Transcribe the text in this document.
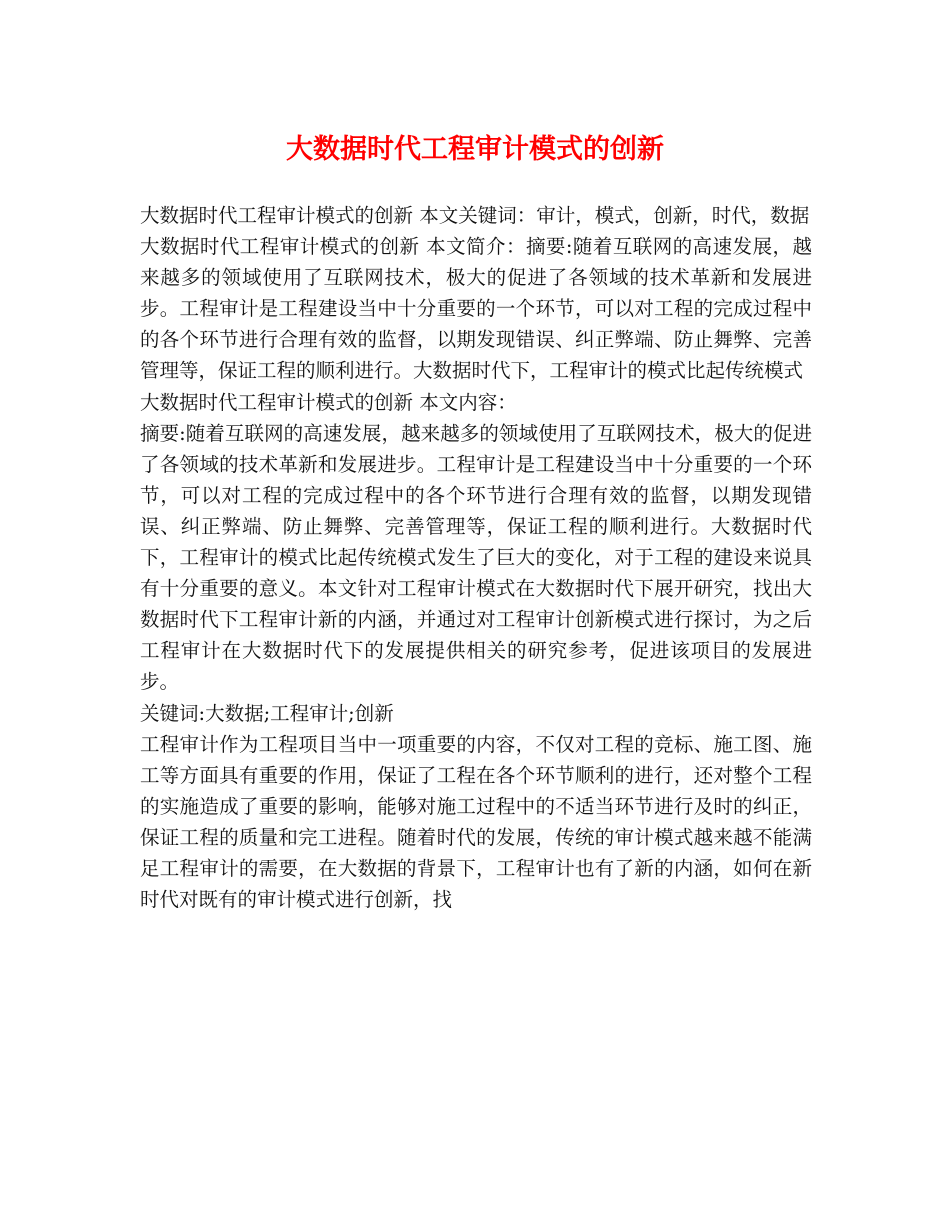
大数据时代工程审计模式的创新

大数据时代工程审计模式的创新 本文关键词：审计，模式，创新，时代，数据

大数据时代工程审计模式的创新 本文简介：摘要:随着互联网的高速发展，越来越多的领域使用了互联网技术，极大的促进了各领域的技术革新和发展进步。工程审计是工程建设当中十分重要的一个环节，可以对工程的完成过程中的各个环节进行合理有效的监督，以期发现错误、纠正弊端、防止舞弊、完善管理等，保证工程的顺利进行。大数据时代下，工程审计的模式比起传统模式

大数据时代工程审计模式的创新 本文内容：

摘要:随着互联网的高速发展，越来越多的领域使用了互联网技术，极大的促进了各领域的技术革新和发展进步。工程审计是工程建设当中十分重要的一个环节，可以对工程的完成过程中的各个环节进行合理有效的监督，以期发现错误、纠正弊端、防止舞弊、完善管理等，保证工程的顺利进行。大数据时代下，工程审计的模式比起传统模式发生了巨大的变化，对于工程的建设来说具有十分重要的意义。本文针对工程审计模式在大数据时代下展开研究，找出大数据时代下工程审计新的内涵，并通过对工程审计创新模式进行探讨，为之后工程审计在大数据时代下的发展提供相关的研究参考，促进该项目的发展进步。

关键词:大数据;工程审计;创新

工程审计作为工程项目当中一项重要的内容，不仅对工程的竞标、施工图、施工等方面具有重要的作用，保证了工程在各个环节顺利的进行，还对整个工程的实施造成了重要的影响，能够对施工过程中的不适当环节进行及时的纠正，保证工程的质量和完工进程。随着时代的发展，传统的审计模式越来越不能满足工程审计的需要，在大数据的背景下，工程审计也有了新的内涵，如何在新时代对既有的审计模式进行创新，找
